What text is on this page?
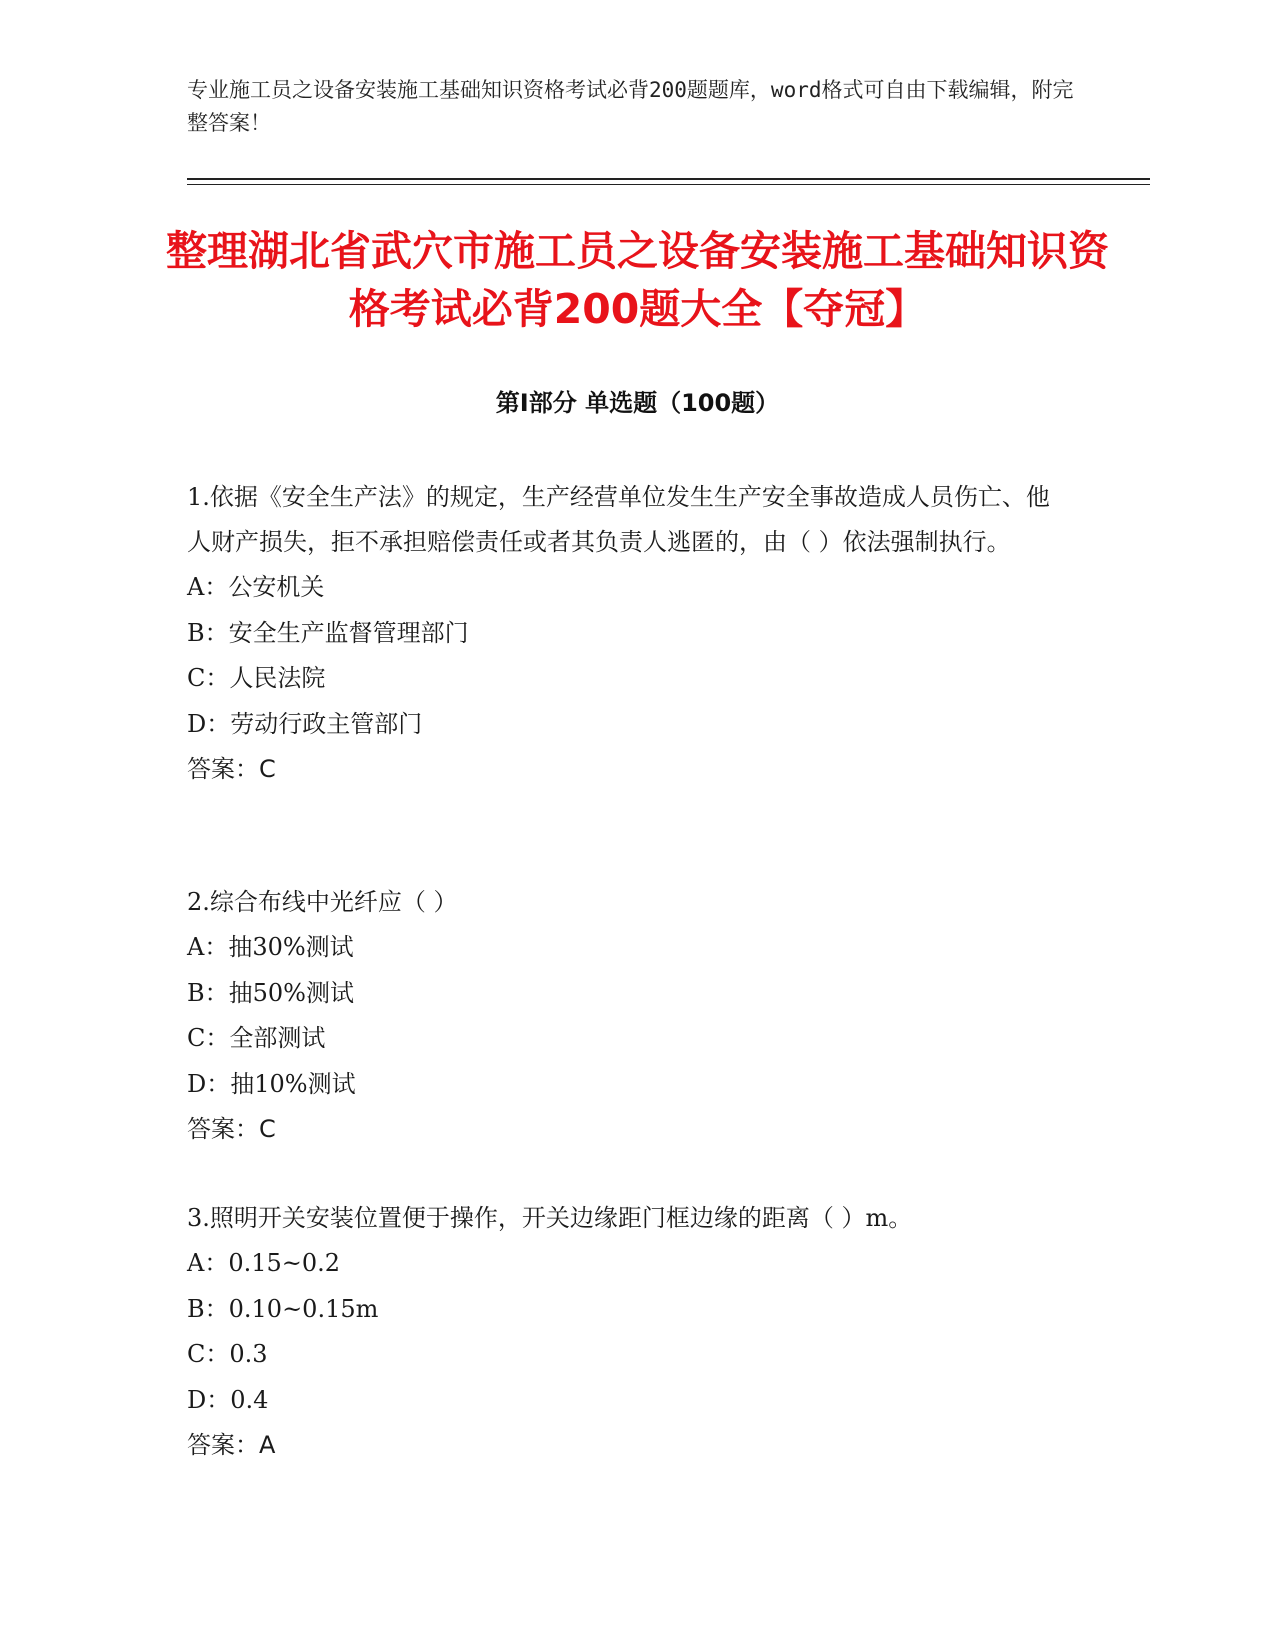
专业施工员之设备安装施工基础知识资格考试必背200题题库，word格式可自由下载编辑，附完整答案！
整理湖北省武穴市施工员之设备安装施工基础知识资格考试必背200题大全【夺冠】
第I部分 单选题（100题）

1.依据《安全生产法》的规定，生产经营单位发生生产安全事故造成人员伤亡、他人财产损失，拒不承担赔偿责任或者其负责人逃匿的，由（ ）依法强制执行。

A：公安机关

B：安全生产监督管理部门

C：人民法院

D：劳动行政主管部门

答案：C

2.综合布线中光纤应（ ）

A：抽30%测试

B：抽50%测试

C：全部测试

D：抽10%测试

答案：C

3.照明开关安装位置便于操作，开关边缘距门框边缘的距离（ ）m。

A：0.15~0.2

B：0.10~0.15m

C：0.3

D：0.4

答案：A
